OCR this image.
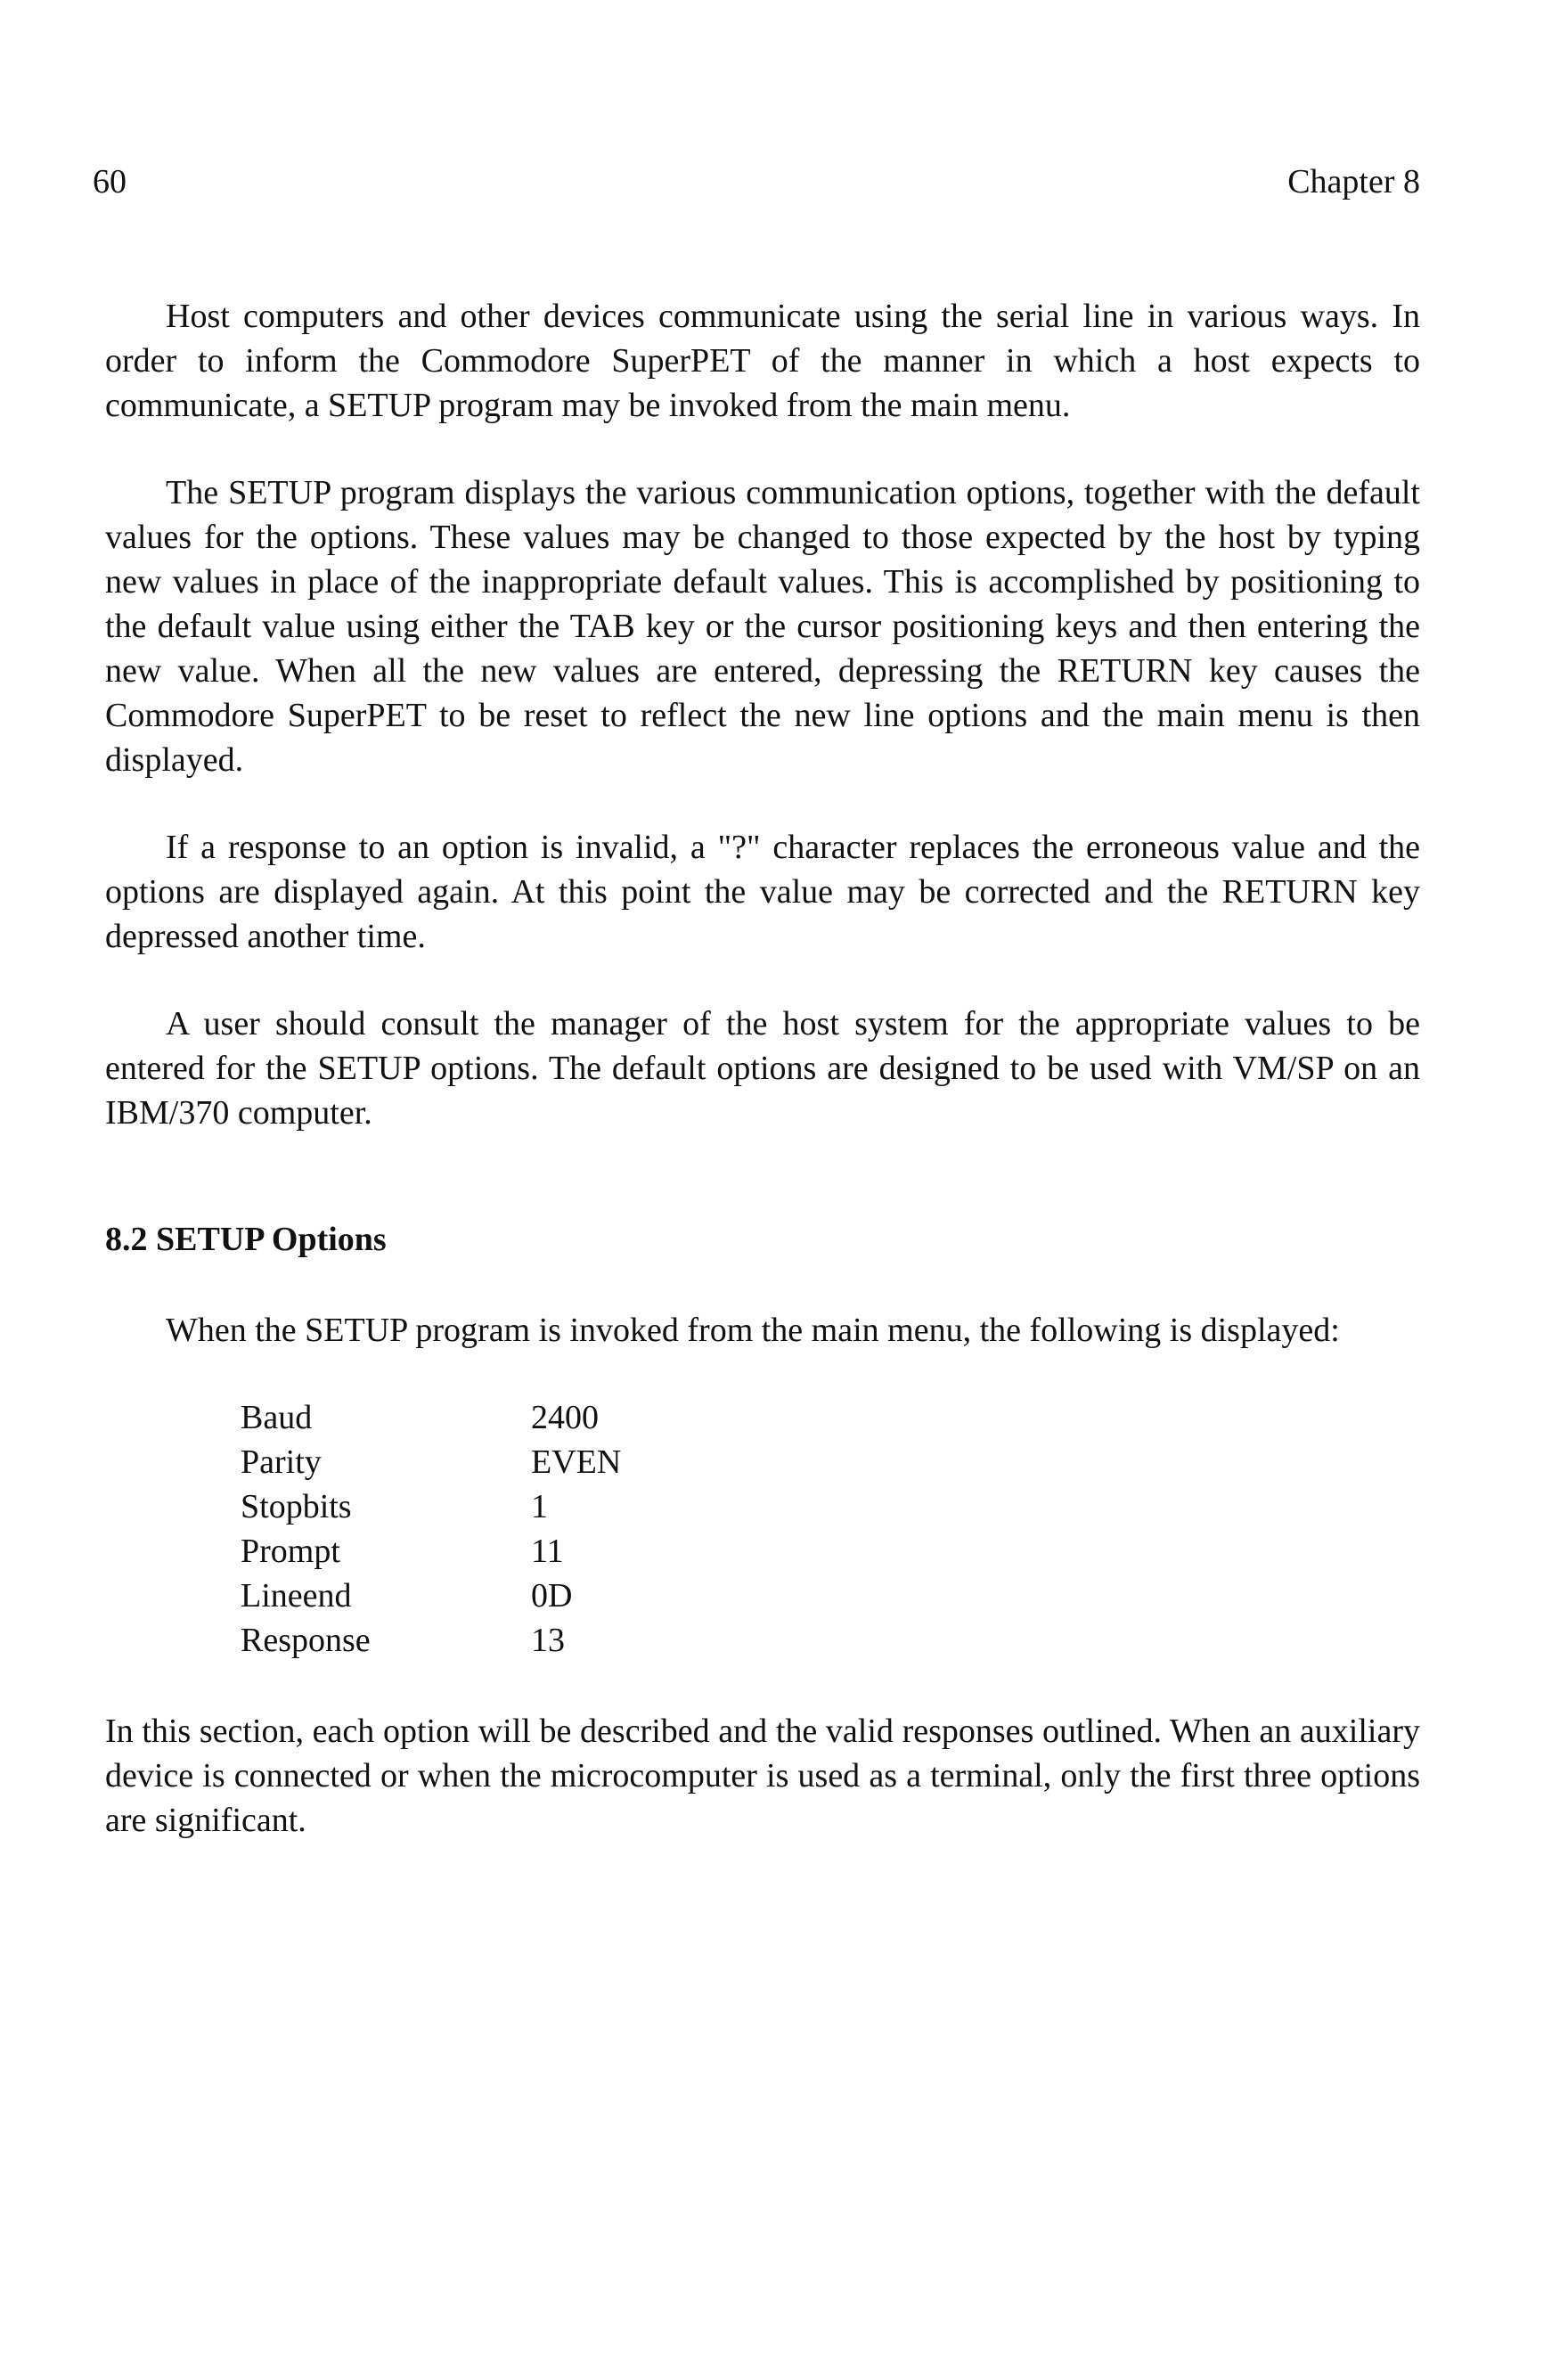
60	Chapter 8

Host computers and other devices communicate using the serial line in various ways. In order to inform the Commodore SuperPET of the manner in which a host expects to communicate, a SETUP program may be invoked from the main menu.

The SETUP program displays the various communication options, together with the default values for the options. These values may be changed to those expected by the host by typing new values in place of the inappropriate default values. This is accomplished by positioning to the default value using either the TAB key or the cursor positioning keys and then entering the new value. When all the new values are entered, depressing the RETURN key causes the Commodore SuperPET to be reset to reflect the new line options and the main menu is then displayed.

If a response to an option is invalid, a "?" character replaces the erroneous value and the options are displayed again. At this point the value may be corrected and the RETURN key depressed another time.

A user should consult the manager of the host system for the appropriate values to be entered for the SETUP options. The default options are designed to be used with VM/SP on an IBM/370 computer.

8.2 SETUP Options

When the SETUP program is invoked from the main menu, the following is displayed:

Baud	2400
Parity	EVEN
Stopbits	1
Prompt	11
Lineend	0D
Response	13

In this section, each option will be described and the valid responses outlined. When an auxiliary device is connected or when the microcomputer is used as a terminal, only the first three options are significant.
